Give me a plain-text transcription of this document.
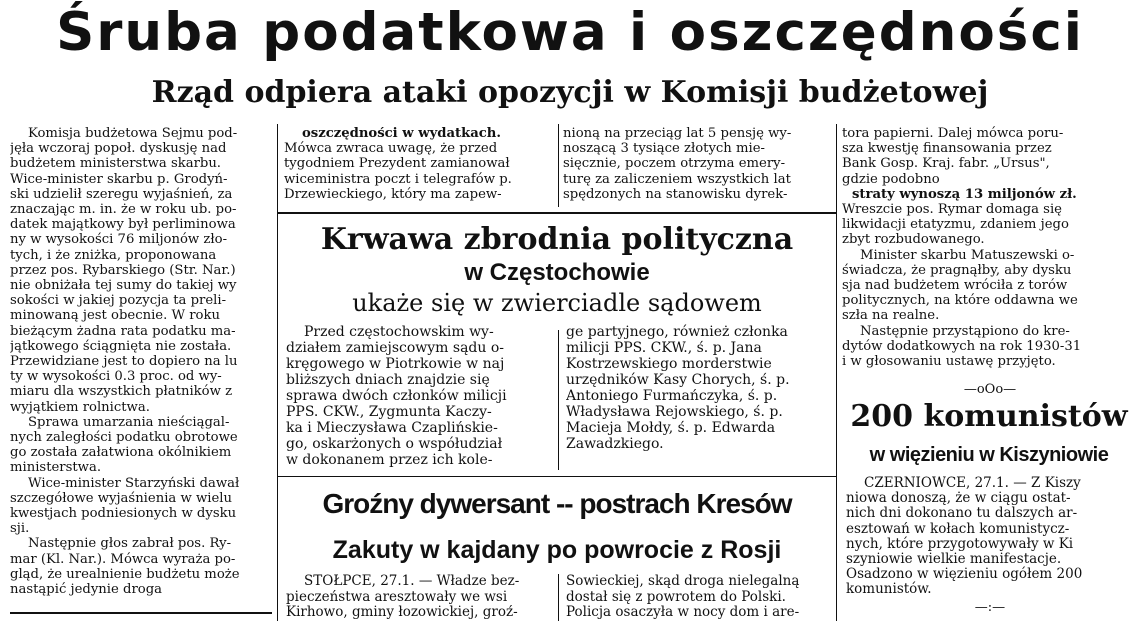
Śruba podatkowa i oszczędności
Rząd odpiera ataki opozycji w Komisji budżetowej

Komisja budżetowa Sejmu pod-

jęła wczoraj popoł. dyskusję nad

budżetem ministerstwa skarbu.

Wice-minister skarbu p. Grodyń-

ski udzielił szeregu wyjaśnień, za

znaczając m. in. że w roku ub. po-

datek majątkowy był perliminowa

ny w wysokości 76 miljonów zło-

tych, i że zniżka, proponowana

przez pos. Rybarskiego (Str. Nar.)

nie obniżała tej sumy do takiej wy

sokości w jakiej pozycja ta preli-

minowaną jest obecnie. W roku

bieżącym żadna rata podatku ma-

jątkowego ściągnięta nie została.

Przewidziane jest to dopiero na lu

ty w wysokości 0.3 proc. od wy-

miaru dla wszystkich płatników z

wyjątkiem rolnictwa.

Sprawa umarzania nieściągal-

nych zaległości podatku obrotowe

go została załatwiona okólnikiem

ministerstwa.

Wice-minister Starzyński dawał

szczegółowe wyjaśnienia w wielu

kwestjach podniesionych w dysku

sji.

Następnie głos zabrał pos. Ry-

mar (Kl. Nar.). Mówca wyraża po-

gląd, że urealnienie budżetu może

nastąpić jedynie droga

oszczędności w wydatkach.

Mówca zwraca uwagę, że przed

tygodniem Prezydent zamianował

wiceministra poczt i telegrafów p.

Drzewieckiego, który ma zapew-

nioną na przeciąg lat 5 pensję wy-

noszącą 3 tysiące złotych mie-

sięcznie, poczem otrzyma emery-

turę za zaliczeniem wszystkich lat

spędzonych na stanowisku dyrek-

Krwawa zbrodnia polityczna
w Częstochowie
ukaże się w zwierciadle sądowem

Przed częstochowskim wy-

działem zamiejscowym sądu o-

kręgowego w Piotrkowie w naj

bliższych dniach znajdzie się

sprawa dwóch członków milicji

PPS. CKW., Zygmunta Kaczy-

ka i Mieczysława Czaplińskie-

go, oskarżonych o współudział

w dokonanem przez ich kole-

ge partyjnego, również członka

milicji PPS. CKW., ś. p. Jana

Kostrzewskiego morderstwie

urzędników Kasy Chorych, ś. p.

Antoniego Furmańczyka, ś. p.

Władysława Rejowskiego, ś. p.

Macieja Mołdy, ś. p. Edwarda

Zawadzkiego.

Groźny dywersant -- postrach Kresów
Zakuty w kajdany po powrocie z Rosji

STOŁPCE, 27.1. — Władze bez-

pieczeństwa aresztowały we wsi

Kirhowo, gminy łozowickiej, groź-

Sowieckiej, skąd droga nielegalną

dostał się z powrotem do Polski.

Policja osaczyła w nocy dom i are-

tora papierni. Dalej mówca poru-

sza kwestję finansowania przez

Bank Gosp. Kraj. fabr. „Ursus",

gdzie podobno

straty wynoszą 13 miljonów zł.

Wreszcie pos. Rymar domaga się

likwidacji etatyzmu, zdaniem jego

zbyt rozbudowanego.

Minister skarbu Matuszewski o-

świadcza, że pragnąłby, aby dysku

sja nad budżetem wróciła z torów

politycznych, na które oddawna we

szła na realne.

Następnie przystąpiono do kre-

dytów dodatkowych na rok 1930-31

i w głosowaniu ustawę przyjęto.

—oOo—
200 komunistów
w więzieniu w Kiszyniowie

CZERNIOWCE, 27.1. — Z Kiszy

niowa donoszą, że w ciągu ostat-

nich dni dokonano tu dalszych ar-

esztowań w kołach komunistycz-

nych, które przygotowywały w Ki

szyniowie wielkie manifestacje.

Osadzono w więzieniu ogółem 200

komunistów.

—:—
